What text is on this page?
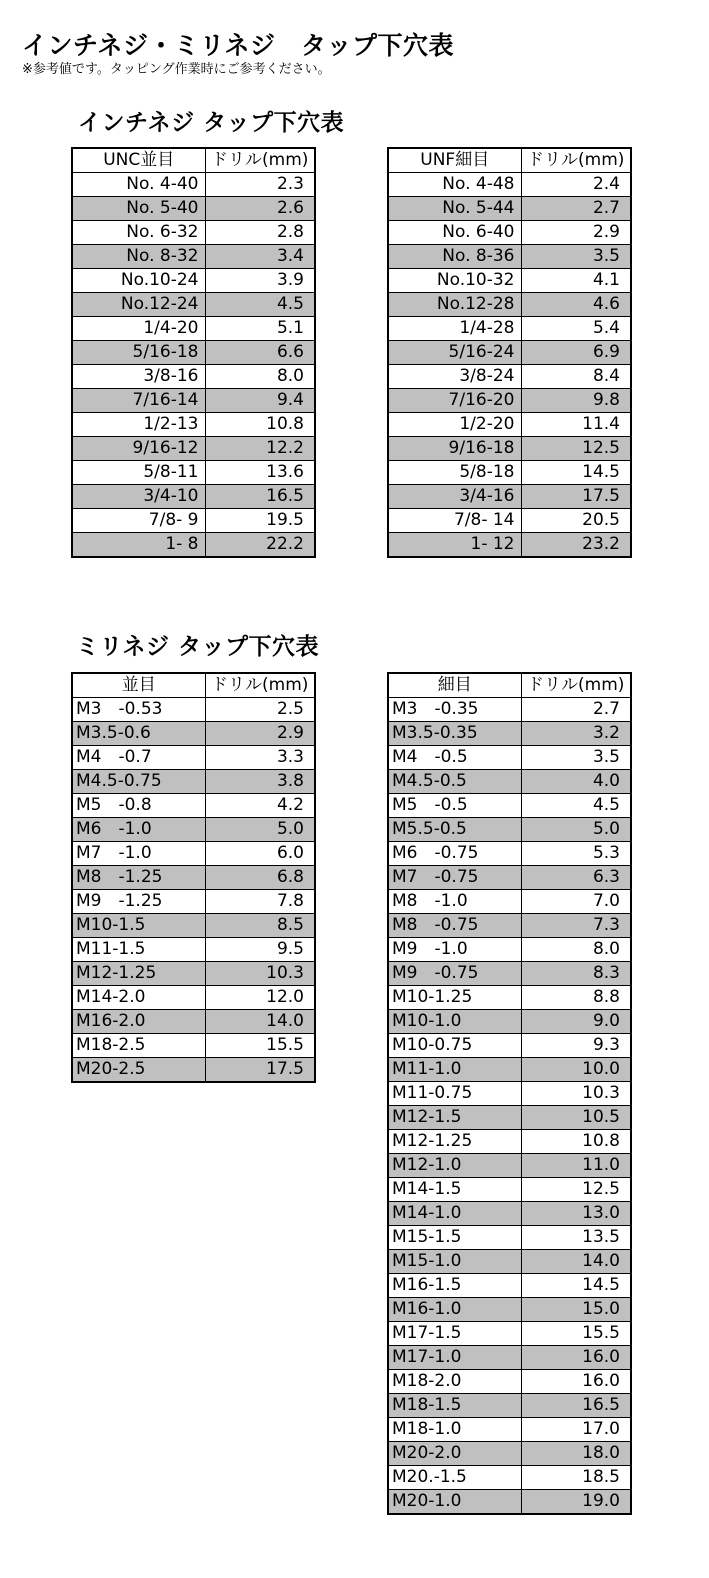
インチネジ・ミリネジ　タップ下穴表
※参考値です。タッピング作業時にご参考ください。
インチネジ タップ下穴表
UNC並目	ドリル(mm)
No. 4-40	2.3
No. 5-40	2.6
No. 6-32	2.8
No. 8-32	3.4
No.10-24	3.9
No.12-24	4.5
1/4-20	5.1
5/16-18	6.6
3/8-16	8.0
7/16-14	9.4
1/2-13	10.8
9/16-12	12.2
5/8-11	13.6
3/4-10	16.5
7/8- 9	19.5
1- 8	22.2
UNF細目	ドリル(mm)
No. 4-48	2.4
No. 5-44	2.7
No. 6-40	2.9
No. 8-36	3.5
No.10-32	4.1
No.12-28	4.6
1/4-28	5.4
5/16-24	6.9
3/8-24	8.4
7/16-20	9.8
1/2-20	11.4
9/16-18	12.5
5/8-18	14.5
3/4-16	17.5
7/8- 14	20.5
1- 12	23.2
ミリネジ タップ下穴表
並目	ドリル(mm)
M3　-0.53	2.5
M3.5-0.6	2.9
M4　-0.7	3.3
M4.5-0.75	3.8
M5　-0.8	4.2
M6　-1.0	5.0
M7　-1.0	6.0
M8　-1.25	6.8
M9　-1.25	7.8
M10-1.5	8.5
M11-1.5	9.5
M12-1.25	10.3
M14-2.0	12.0
M16-2.0	14.0
M18-2.5	15.5
M20-2.5	17.5
細目	ドリル(mm)
M3　-0.35	2.7
M3.5-0.35	3.2
M4　-0.5	3.5
M4.5-0.5	4.0
M5　-0.5	4.5
M5.5-0.5	5.0
M6　-0.75	5.3
M7　-0.75	6.3
M8　-1.0	7.0
M8　-0.75	7.3
M9　-1.0	8.0
M9　-0.75	8.3
M10-1.25	8.8
M10-1.0	9.0
M10-0.75	9.3
M11-1.0	10.0
M11-0.75	10.3
M12-1.5	10.5
M12-1.25	10.8
M12-1.0	11.0
M14-1.5	12.5
M14-1.0	13.0
M15-1.5	13.5
M15-1.0	14.0
M16-1.5	14.5
M16-1.0	15.0
M17-1.5	15.5
M17-1.0	16.0
M18-2.0	16.0
M18-1.5	16.5
M18-1.0	17.0
M20-2.0	18.0
M20.-1.5	18.5
M20-1.0	19.0
